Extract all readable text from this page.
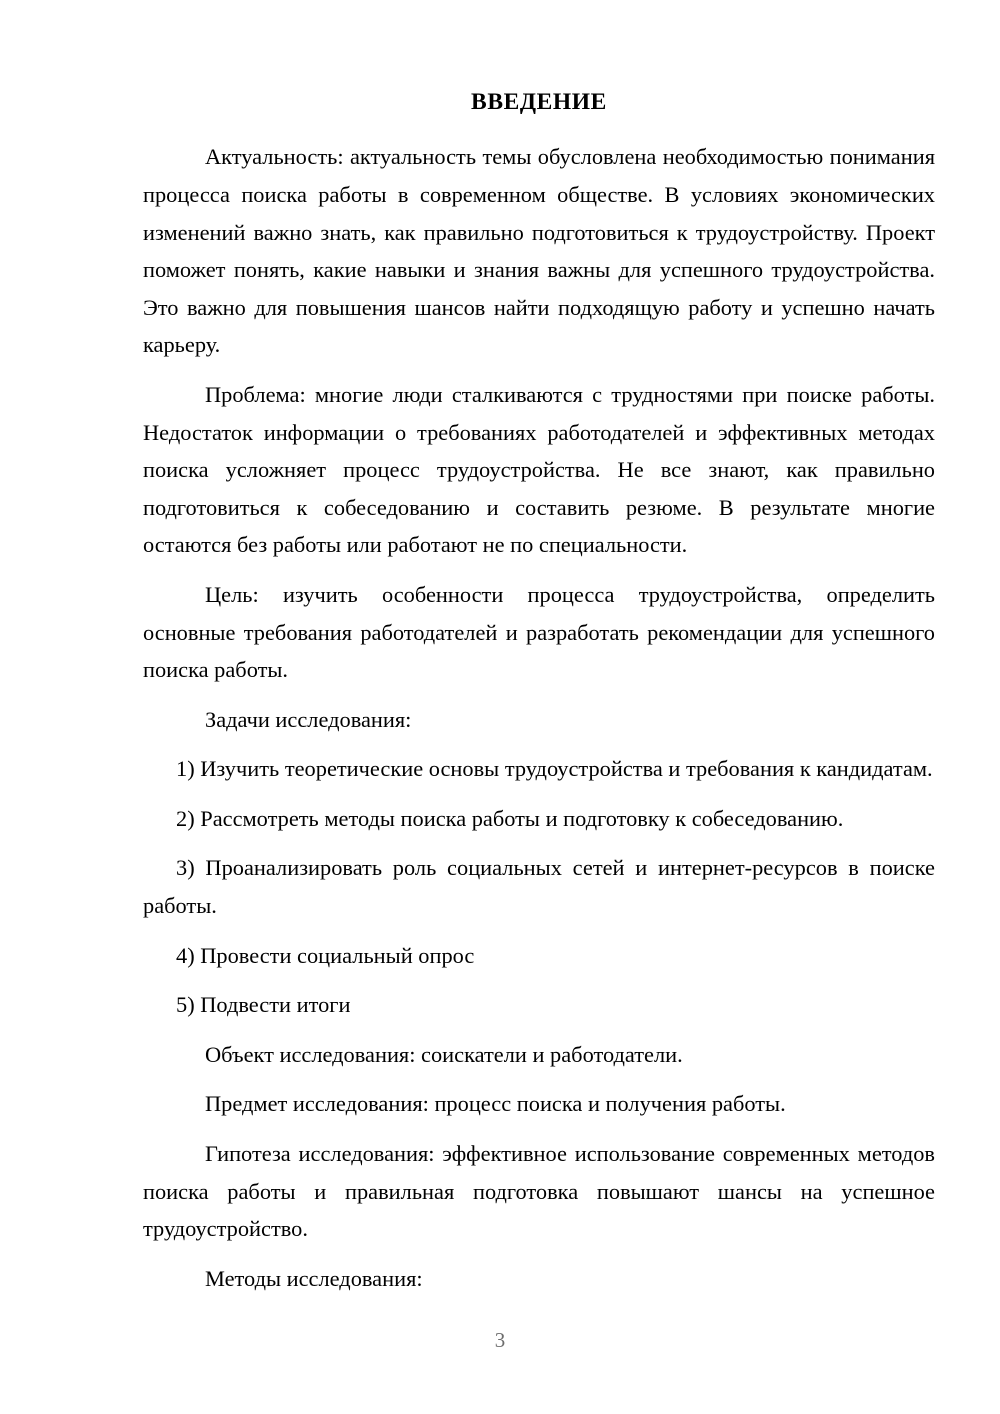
ВВЕДЕНИЕ

Актуальность: актуальность темы обусловлена необходимостью понимания процесса поиска работы в современном обществе. В условиях экономических изменений важно знать, как правильно подготовиться к трудоустройству. Проект поможет понять, какие навыки и знания важны для успешного трудоустройства. Это важно для повышения шансов найти подходящую работу и успешно начать карьеру.

Проблема: многие люди сталкиваются с трудностями при поиске работы. Недостаток информации о требованиях работодателей и эффективных методах поиска усложняет процесс трудоустройства. Не все знают, как правильно подготовиться к собеседованию и составить резюме. В результате многие остаются без работы или работают не по специальности.

Цель: изучить особенности процесса трудоустройства, определить основные требования работодателей и разработать рекомендации для успешного поиска работы.

Задачи исследования:

1) Изучить теоретические основы трудоустройства и требования к кандидатам.

2) Рассмотреть методы поиска работы и подготовку к собеседованию.

3) Проанализировать роль социальных сетей и интернет-ресурсов в поиске работы.

4) Провести социальный опрос

5) Подвести итоги

Объект исследования: соискатели и работодатели.

Предмет исследования: процесс поиска и получения работы.

Гипотеза исследования: эффективное использование современных методов поиска работы и правильная подготовка повышают шансы на успешное трудоустройство.

Методы исследования:

3
